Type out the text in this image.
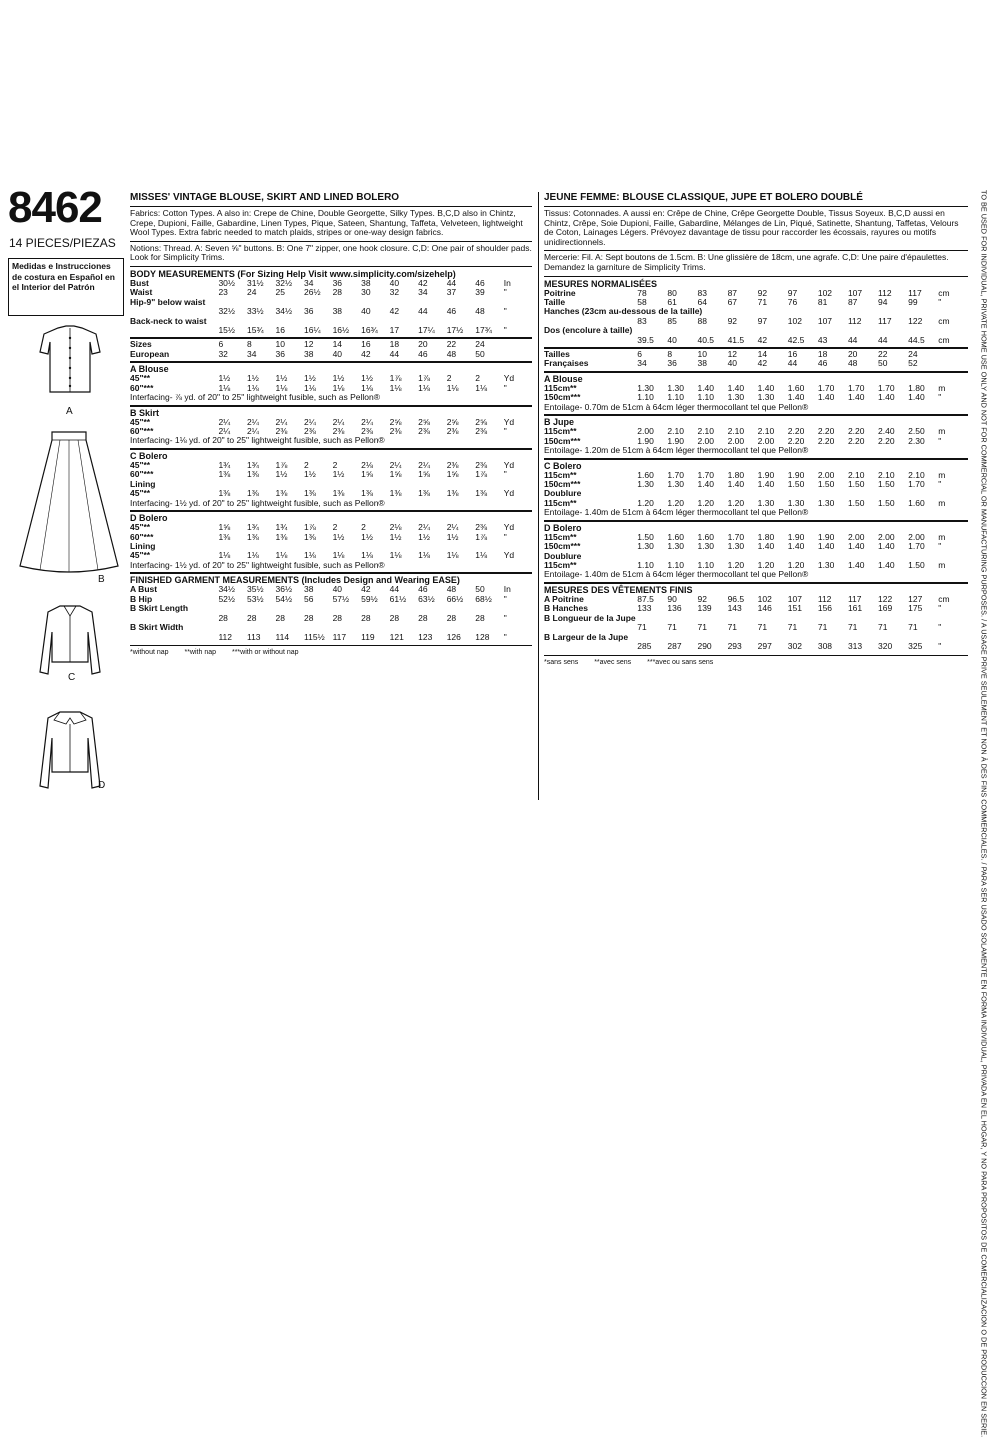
8462
14 PIECES/PIEZAS
Medidas e Instrucciones de costura en Español en el Interior del Patrón
A
B
C
D
MISSES' VINTAGE BLOUSE, SKIRT AND LINED BOLERO
Fabrics: Cotton Types. A also in: Crepe de Chine, Double Georgette, Silky Types. B,C,D also in Chintz, Crepe, Dupioni, Faille, Gabardine, Linen Types, Pique, Sateen, Shantung, Taffeta, Velveteen, lightweight Wool Types. Extra fabric needed to match plaids, stripes or one-way design fabrics.
Notions: Thread. A: Seven ⅝" buttons. B: One 7" zipper, one hook closure. C,D: One pair of shoulder pads. Look for Simplicity Trims.
BODY MEASUREMENTS (For Sizing Help Visit www.simplicity.com/sizehelp)
Bust	30½	31½	32½	34	36	38	40	42	44	46	In
Waist	23	24	25	26½	28	30	32	34	37	39	"
Hip-9" below waist											
	32½	33½	34½	36	38	40	42	44	46	48	"
Back-neck to waist											
	15½	15¾	16	16¼	16½	16¾	17	17¼	17½	17¾	"
Sizes	6	8	10	12	14	16	18	20	22	24	
European	32	34	36	38	40	42	44	46	48	50	
A Blouse
45"**	1½	1½	1½	1½	1½	1½	1⅞	1⅞	2	2	Yd
60"***	1⅛	1⅛	1⅛	1⅛	1⅛	1⅛	1⅛	1⅛	1⅛	1⅛	"
Interfacing- ⅞ yd. of 20" to 25" lightweight fusible, such as Pellon®
B Skirt
45"**	2¼	2¼	2¼	2¼	2¼	2¼	2⅝	2⅝	2⅝	2⅝	Yd
60"***	2¼	2¼	2⅜	2⅜	2⅜	2⅜	2⅜	2⅜	2⅜	2⅜	"
Interfacing- 1⅛ yd. of 20" to 25" lightweight fusible, such as Pellon®
C Bolero
45"**	1¾	1¾	1⅞	2	2	2⅛	2¼	2¼	2⅜	2⅜	Yd
60"***	1⅜	1⅜	1½	1½	1½	1⅝	1⅝	1⅝	1⅝	1⅞	"
Lining											
45"**	1⅜	1⅜	1⅜	1⅜	1⅜	1⅜	1⅜	1⅜	1⅜	1⅜	Yd
Interfacing- 1½ yd. of 20" to 25" lightweight fusible, such as Pellon®
D Bolero
45"**	1⅝	1¾	1¾	1⅞	2	2	2⅛	2¼	2¼	2⅜	Yd
60"***	1⅜	1⅜	1⅜	1⅜	1½	1½	1½	1½	1½	1⅞	"
Lining											
45"**	1⅛	1⅛	1⅛	1⅛	1⅛	1⅛	1⅛	1⅛	1⅛	1⅛	Yd
Interfacing- 1½ yd. of 20" to 25" lightweight fusible, such as Pellon®
FINISHED GARMENT MEASUREMENTS (Includes Design and Wearing EASE)
A Bust	34½	35½	36½	38	40	42	44	46	48	50	In
B Hip	52½	53½	54½	56	57½	59½	61½	63½	66½	68½	"
B Skirt Length											
	28	28	28	28	28	28	28	28	28	28	"
B Skirt Width											
	112	113	114	115½	117	119	121	123	126	128	"
*without nap **with nap ***with or without nap
JEUNE FEMME: BLOUSE CLASSIQUE, JUPE ET BOLERO DOUBLÉ
Tissus: Cotonnades. A aussi en: Crêpe de Chine, Crêpe Georgette Double, Tissus Soyeux. B,C,D aussi en Chintz, Crêpe, Soie Dupioni, Faille, Gabardine, Mélanges de Lin, Piqué, Satinette, Shantung, Taffetas, Velours de Coton, Lainages Légers. Prévoyez davantage de tissu pour raccorder les écossais, rayures ou motifs unidirectionnels.
Mercerie: Fil. A: Sept boutons de 1.5cm. B: Une glissière de 18cm, une agrafe. C,D: Une paire d'épaulettes. Demandez la garniture de Simplicity Trims.
MESURES NORMALISÉES
Poitrine	78	80	83	87	92	97	102	107	112	117	cm
Taille	58	61	64	67	71	76	81	87	94	99	"
Hanches (23cm au-dessous de la taille)											
	83	85	88	92	97	102	107	112	117	122	cm
Dos (encolure à taille)											
	39.5	40	40.5	41.5	42	42.5	43	44	44	44.5	cm
Tailles	6	8	10	12	14	16	18	20	22	24	
Françaises	34	36	38	40	42	44	46	48	50	52	
A Blouse
115cm**	1.30	1.30	1.40	1.40	1.40	1.60	1.70	1.70	1.70	1.80	m
150cm***	1.10	1.10	1.10	1.30	1.30	1.40	1.40	1.40	1.40	1.40	"
Entoilage- 0.70m de 51cm à 64cm léger thermocollant tel que Pellon®
B Jupe
115cm**	2.00	2.10	2.10	2.10	2.10	2.20	2.20	2.20	2.40	2.50	m
150cm***	1.90	1.90	2.00	2.00	2.00	2.20	2.20	2.20	2.20	2.30	"
Entoilage- 1.20m de 51cm à 64cm léger thermocollant tel que Pellon®
C Bolero
115cm**	1.60	1.70	1.70	1.80	1.90	1.90	2.00	2.10	2.10	2.10	m
150cm***	1.30	1.30	1.40	1.40	1.40	1.50	1.50	1.50	1.50	1.70	"
Doublure											
115cm**	1.20	1.20	1.20	1.20	1.30	1.30	1.30	1.50	1.50	1.60	m
Entoilage- 1.40m de 51cm à 64cm léger thermocollant tel que Pellon®
D Bolero
115cm**	1.50	1.60	1.60	1.70	1.80	1.90	1.90	2.00	2.00	2.00	m
150cm***	1.30	1.30	1.30	1.30	1.40	1.40	1.40	1.40	1.40	1.70	"
Doublure											
115cm**	1.10	1.10	1.10	1.20	1.20	1.20	1.30	1.40	1.40	1.50	m
Entoilage- 1.40m de 51cm à 64cm léger thermocollant tel que Pellon®
MESURES DES VÊTEMENTS FINIS
A Poitrine	87.5	90	92	96.5	102	107	112	117	122	127	cm
B Hanches	133	136	139	143	146	151	156	161	169	175	"
B Longueur de la Jupe											
	71	71	71	71	71	71	71	71	71	71	"
B Largeur de la Jupe											
	285	287	290	293	297	302	308	313	320	325	"
*sans sens **avec sens ***avec ou sans sens	TO BE USED FOR INDIVIDUAL, PRIVATE HOME USE ONLY AND NOT FOR COMMERCIAL OR MANUFACTURING PURPOSES. / A USAGE PRIVE SEULEMENT ET NON À DES FINS COMMERCIALES. / PARA SER USADO SOLAMENTE EN FORMA INDIVIDUAL, PRIVADA EN EL HOGAR, Y NO PARA PROPOSITOS DE COMERCIALIZACION O DE PRODUCCION EN SERIE.
